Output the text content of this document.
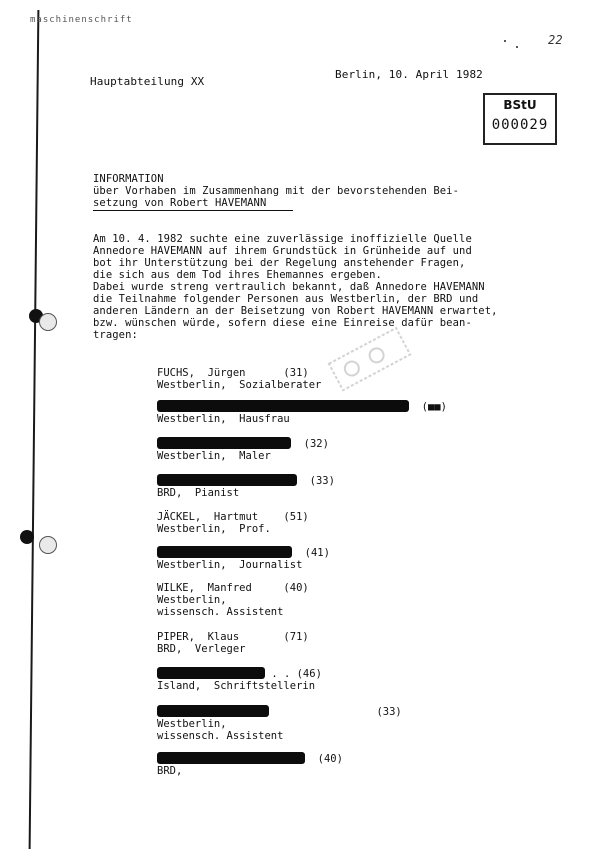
maschinenschrift
22
Hauptabteilung XX
Berlin, 10. April 1982
BStU
000029
INFORMATION
über Vorhaben im Zusammenhang mit der bevorstehenden Bei-
setzung von Robert HAVEMANN
Am 10. 4. 1982 suchte eine zuverlässige inoffizielle Quelle
Annedore HAVEMANN auf ihrem Grundstück in Grünheide auf und
bot ihr Unterstützung bei der Regelung anstehender Fragen,
die sich aus dem Tod ihres Ehemannes ergeben.
Dabei wurde streng vertraulich bekannt, daß Annedore HAVEMANN
die Teilnahme folgender Personen aus Westberlin, der BRD und
anderen Ländern an der Beisetzung von Robert HAVEMANN erwartet,
bzw. wünschen würde, sofern diese eine Einreise dafür bean-
tragen:
FUCHS,  Jürgen      (31)
Westberlin,  Sozialberater
(■■)
Westberlin,  Hausfrau
(32)
Westberlin,  Maler
(33)
BRD,  Pianist
JÄCKEL,  Hartmut    (51)
Westberlin,  Prof.
(41)
Westberlin,  Journalist
WILKE,  Manfred     (40)
Westberlin,
wissensch. Assistent
PIPER,  Klaus       (71)
BRD,  Verleger
. . (46)
Island,  Schriftstellerin
(33)
Westberlin,
wissensch. Assistent
(40)
BRD,
